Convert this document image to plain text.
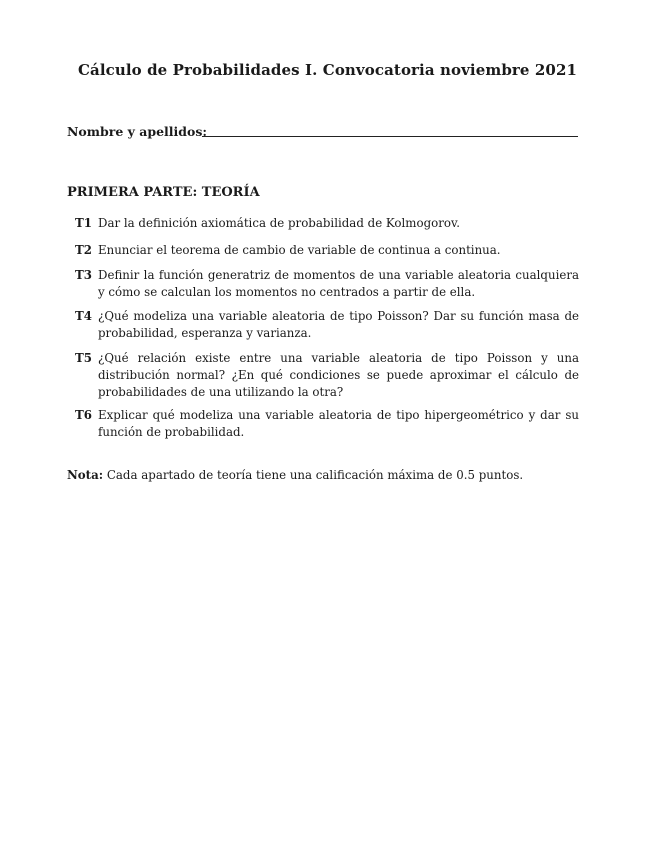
Cálculo de Probabilidades I. Convocatoria noviembre 2021
Nombre y apellidos:
PRIMERA PARTE: TEORÍA
T1 Dar la definición axiomática de probabilidad de Kolmogorov.
T2 Enunciar el teorema de cambio de variable de continua a continua.
T3 Definir la función generatriz de momentos de una variable aleatoria cualquiera y cómo se calculan los momentos no centrados a partir de ella.
T4 ¿Qué modeliza una variable aleatoria de tipo Poisson? Dar su función masa de probabilidad, esperanza y varianza.
T5 ¿Qué relación existe entre una variable aleatoria de tipo Poisson y una distribución normal? ¿En qué condiciones se puede aproximar el cálculo de probabilidades de una utilizando la otra?
T6 Explicar qué modeliza una variable aleatoria de tipo hipergeométrico y dar su función de probabilidad.
Nota: Cada apartado de teoría tiene una calificación máxima de 0.5 puntos.
